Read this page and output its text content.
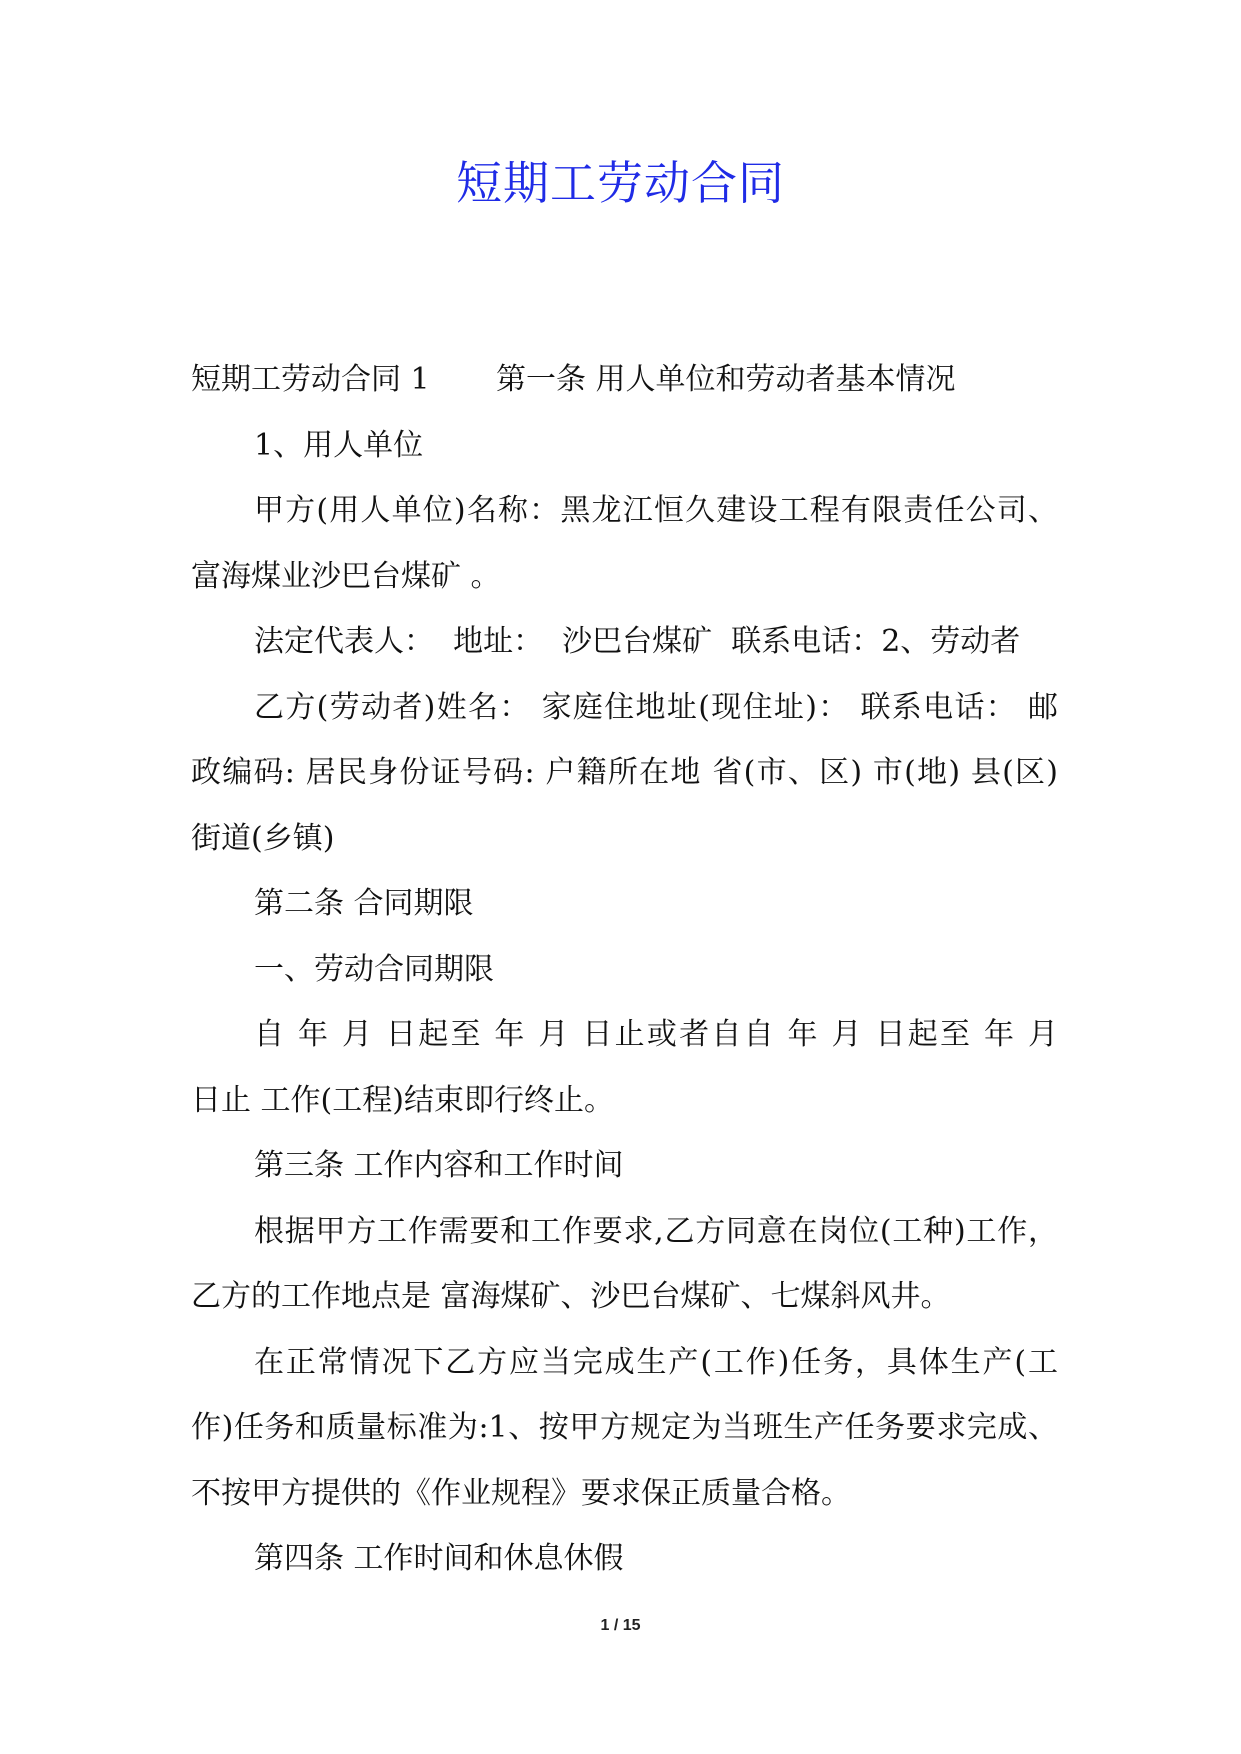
短期工劳动合同
短期工劳动合同 1 第一条 用人单位和劳动者基本情况
1、用人单位
甲方(用人单位)名称：黑龙江恒久建设工程有限责任公司、
富海煤业沙巴台煤矿 。
法定代表人：  地址：  沙巴台煤矿  联系电话：2、劳动者
乙方(劳动者)姓名： 家庭住地址(现住址)： 联系电话： 邮
政编码: 居民身份证号码: 户籍所在地 省(市、区) 市(地) 县(区)
街道(乡镇)
第二条 合同期限
一、劳动合同期限
自 年 月 日起至 年 月 日止或者自自 年 月 日起至 年 月
日止 工作(工程)结束即行终止。
第三条 工作内容和工作时间
根据甲方工作需要和工作要求,乙方同意在岗位(工种)工作，
乙方的工作地点是 富海煤矿、沙巴台煤矿、七煤斜风井。
在正常情况下乙方应当完成生产(工作)任务，具体生产(工
作)任务和质量标准为:1、按甲方规定为当班生产任务要求完成、
不按甲方提供的《作业规程》要求保正质量合格。
第四条 工作时间和休息休假
1 / 15
